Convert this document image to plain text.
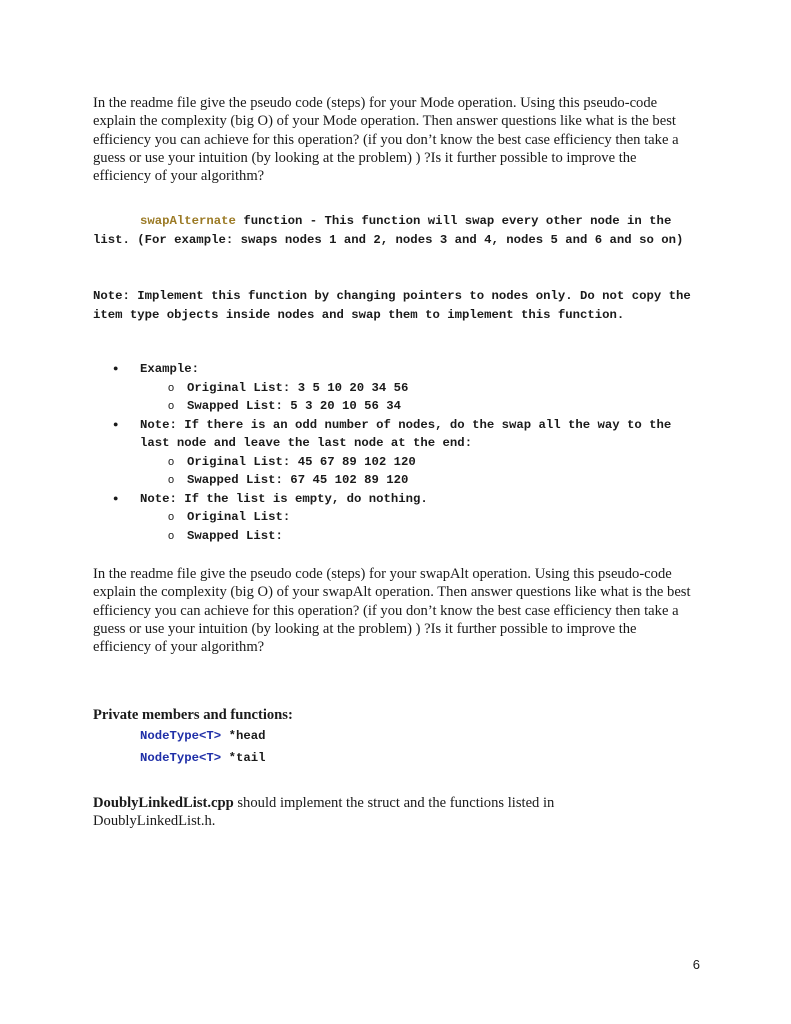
In the readme file give the pseudo code (steps) for your Mode operation. Using this pseudo-code explain the complexity (big O) of your Mode operation. Then answer questions like what is the best efficiency you can achieve for this operation? (if you don’t know the best case efficiency then take a guess or use your intuition (by looking at the problem) ) ?Is it further possible to improve the efficiency of your algorithm?

swapAlternate function - This function will swap every other node in the list. (For example: swaps nodes 1 and 2, nodes 3 and 4, nodes 5 and 6 and so on)

Note: Implement this function by changing pointers to nodes only. Do not copy the item type objects inside nodes and swap them to implement this function.

● Example:
o Original List: 3 5 10 20 34 56
o Swapped List: 5 3 20 10 56 34
● Note: If there is an odd number of nodes, do the swap all the way to the last node and leave the last node at the end:
o Original List: 45 67 89 102 120
o Swapped List: 67 45 102 89 120
● Note: If the list is empty, do nothing.
o Original List:
o Swapped List:

In the readme file give the pseudo code (steps) for your swapAlt operation. Using this pseudo-code explain the complexity (big O) of your swapAlt operation. Then answer questions like what is the best efficiency you can achieve for this operation? (if you don’t know the best case efficiency then take a guess or use your intuition (by looking at the problem) ) ?Is it further possible to improve the efficiency of your algorithm?

Private members and functions:
NodeType<T> *head
NodeType<T> *tail

DoublyLinkedList.cpp should implement the struct and the functions listed in DoublyLinkedList.h.

6
